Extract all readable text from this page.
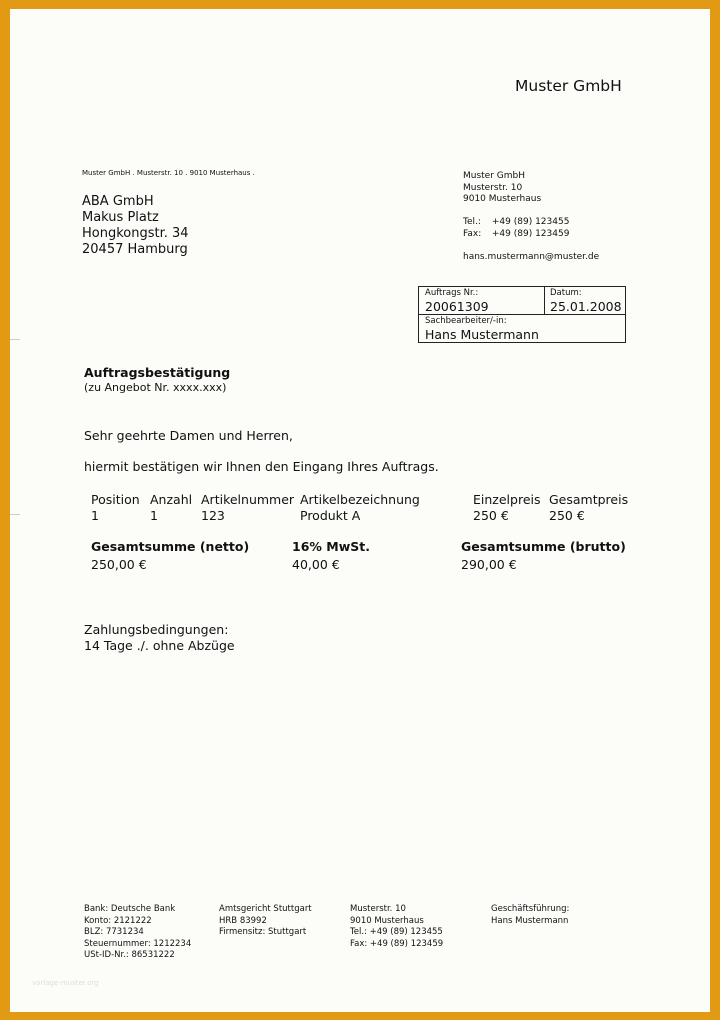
Muster GmbH
Muster GmbH . Musterstr. 10 . 9010 Musterhaus .
ABA GmbH
Makus Platz
Hongkongstr. 34
20457 Hamburg
Muster GmbH
Musterstr. 10
9010 Musterhaus
Tel.: +49 (89) 123455
Fax: +49 (89) 123459
hans.mustermann@muster.de
Auftrags Nr.:
20061309
Datum:
25.01.2008
Sachbearbeiter/-in:
Hans Mustermann
Auftragsbestätigung
(zu Angebot Nr. xxxx.xxx)
Sehr geehrte Damen und Herren,
hiermit bestätigen wir Ihnen den Eingang Ihres Auftrags.
Position Anzahl Artikelnummer Artikelbezeichnung	Einzelpreis Gesamtpreis
1	1	123	Produkt A	250 €	250 €
Gesamtsumme (netto)	16% MwSt.	Gesamtsumme (brutto)
250,00 €	40,00 €	290,00 €
Zahlungsbedingungen:
14 Tage ./. ohne Abzüge
Bank: Deutsche Bank
Konto: 2121222
BLZ: 7731234
Steuernummer: 1212234
USt-ID-Nr.: 86531222
Amtsgericht Stuttgart
HRB 83992
Firmensitz: Stuttgart
Musterstr. 10
9010 Musterhaus
Tel.: +49 (89) 123455
Fax: +49 (89) 123459
Geschäftsführung:
Hans Mustermann
vorlage-muster.org
